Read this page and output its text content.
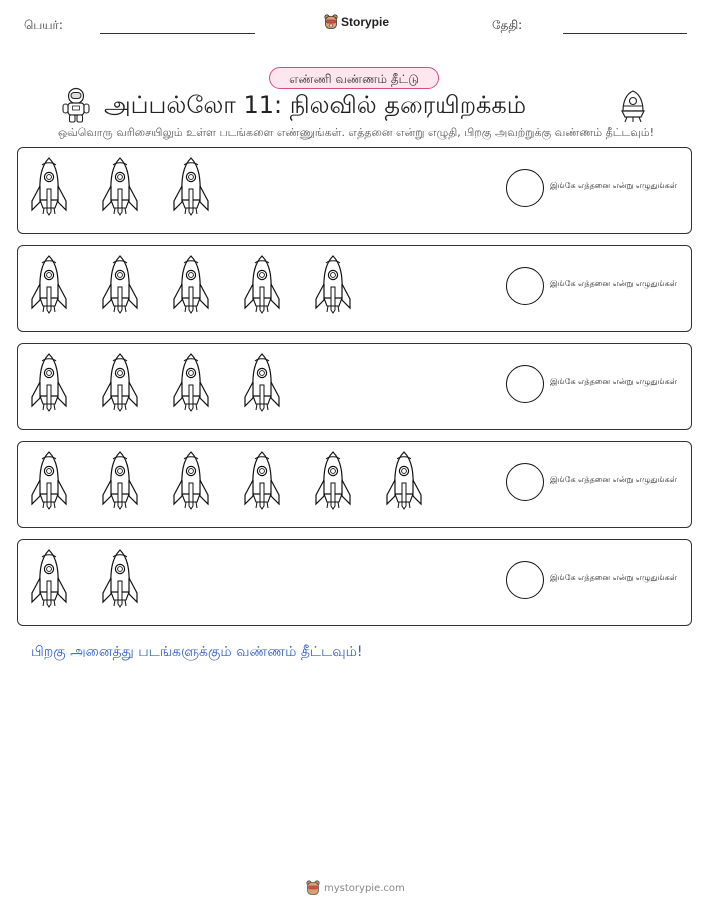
பெயர்:	Storypie	தேதி:
எண்ணி வண்ணம் தீட்டு
அப்பல்லோ 11: நிலவில் தரையிறக்கம்
ஒவ்வொரு வரிசையிலும் உள்ள படங்களை எண்ணுங்கள். எத்தனை என்று எழுதி, பிறகு அவற்றுக்கு வண்ணம் தீட்டவும்!
இங்கே எத்தனை என்று எழுதுங்கள்
இங்கே எத்தனை என்று எழுதுங்கள்
இங்கே எத்தனை என்று எழுதுங்கள்
இங்கே எத்தனை என்று எழுதுங்கள்
இங்கே எத்தனை என்று எழுதுங்கள்
பிறகு அனைத்து படங்களுக்கும் வண்ணம் தீட்டவும்!
mystorypie.com
